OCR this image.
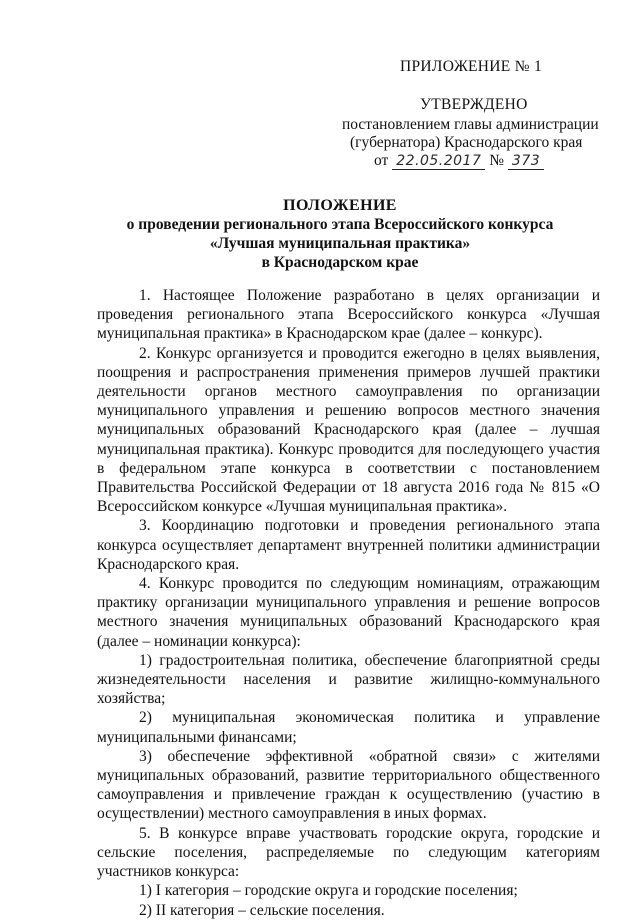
ПРИЛОЖЕНИЕ № 1
УТВЕРЖДЕНО
постановлением главы администрации
(губернатора) Краснодарского края
от 22.05.2017 № 373
ПОЛОЖЕНИЕ
о проведении регионального этапа Всероссийского конкурса
«Лучшая муниципальная практика»
в Краснодарском крае

1. Настоящее Положение разработано в целях организации и проведения регионального этапа Всероссийского конкурса «Лучшая муниципальная практика» в Краснодарском крае (далее – конкурс).

2. Конкурс организуется и проводится ежегодно в целях выявления, поощрения и распространения применения примеров лучшей практики деятельности органов местного самоуправления по организации муниципального управления и решению вопросов местного значения муниципальных образований Краснодарского края (далее – лучшая муниципальная практика). Конкурс проводится для последующего участия в федеральном этапе конкурса в соответствии с постановлением Правительства Российской Федерации от 18 августа 2016 года № 815 «О Всероссийском конкурсе «Лучшая муниципальная практика».

3. Координацию подготовки и проведения регионального этапа конкурса осуществляет департамент внутренней политики администрации Краснодарского края.

4. Конкурс проводится по следующим номинациям, отражающим практику организации муниципального управления и решение вопросов местного значения муниципальных образований Краснодарского края (далее – номинации конкурса):

1) градостроительная политика, обеспечение благоприятной среды жизнедеятельности населения и развитие жилищно-коммунального хозяйства;

2) муниципальная экономическая политика и управление муниципальными финансами;

3) обеспечение эффективной «обратной связи» с жителями муниципальных образований, развитие территориального общественного самоуправления и привлечение граждан к осуществлению (участию в осуществлении) местного самоуправления в иных формах.

5. В конкурсе вправе участвовать городские округа, городские и сельские поселения, распределяемые по следующим категориям участников конкурса:

1) I категория – городские округа и городские поселения;

2) II категория – сельские поселения.
